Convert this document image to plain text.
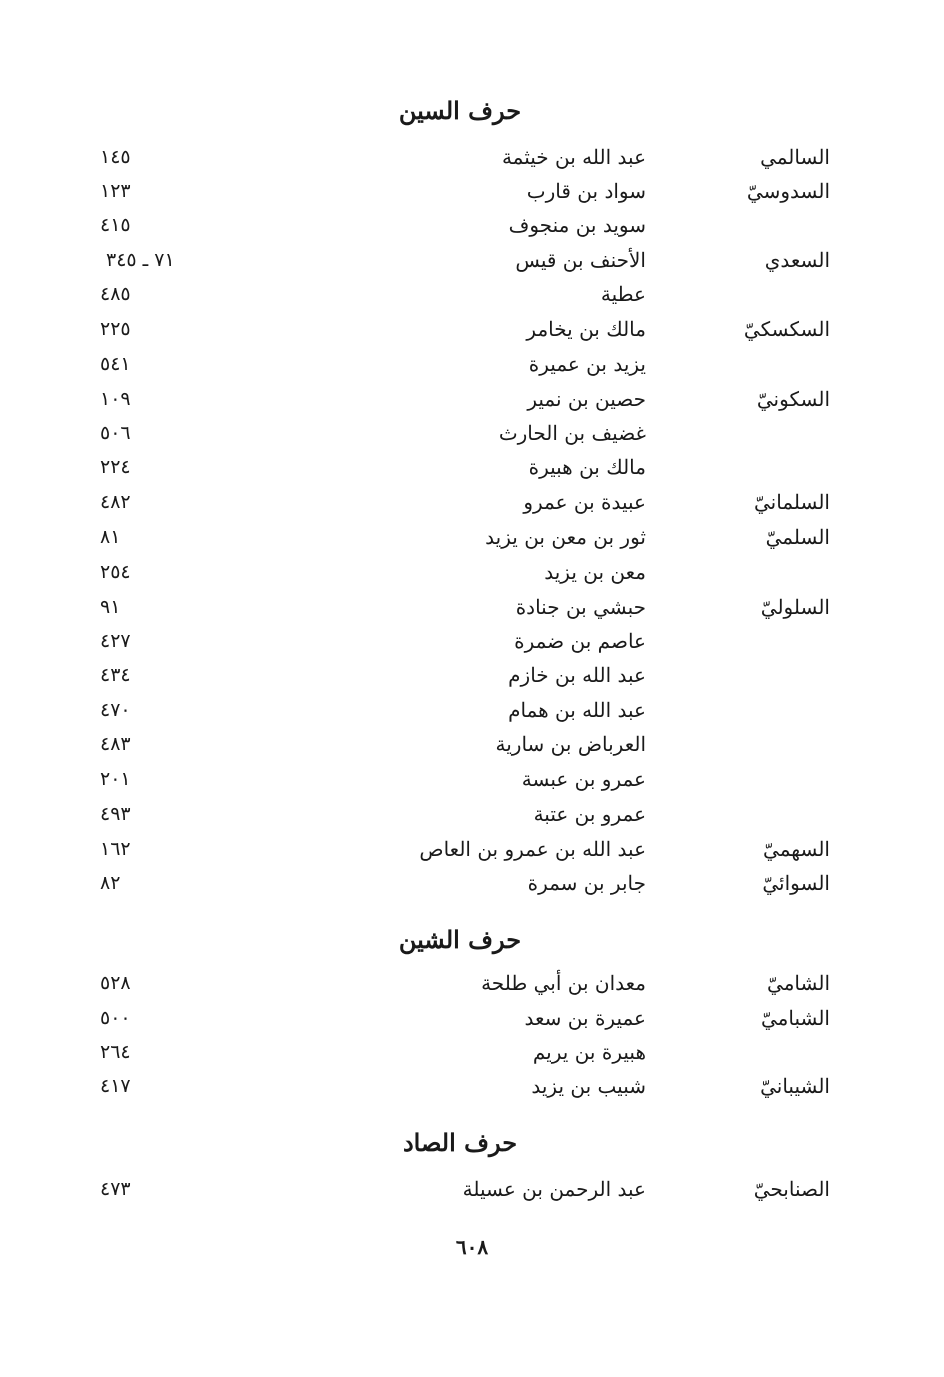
حرف السين
السالمي
عبد الله بن خيثمة
١٤٥
السدوسيّ
سواد بن قارب
١٢٣
سويد بن منجوف
٤١٥
السعدي
الأحنف بن قيس
٧١ ـ ٣٤٥
عطية
٤٨٥
السكسكيّ
مالك بن يخامر
٢٢٥
يزيد بن عميرة
٥٤١
السكونيّ
حصين بن نمير
١٠٩
غضيف بن الحارث
٥٠٦
مالك بن هبيرة
٢٢٤
السلمانيّ
عبيدة بن عمرو
٤٨٢
السلميّ
ثور بن معن بن يزيد
٨١
معن بن يزيد
٢٥٤
السلوليّ
حبشي بن جنادة
٩١
عاصم بن ضمرة
٤٢٧
عبد الله بن خازم
٤٣٤
عبد الله بن همام
٤٧٠
العرباض بن سارية
٤٨٣
عمرو بن عبسة
٢٠١
عمرو بن عتبة
٤٩٣
السهميّ
عبد الله بن عمرو بن العاص
١٦٢
السوائيّ
جابر بن سمرة
٨٢
حرف الشين
الشاميّ
معدان بن أبي طلحة
٥٢٨
الشباميّ
عميرة بن سعد
٥٠٠
هبيرة بن يريم
٢٦٤
الشيبانيّ
شبيب بن يزيد
٤١٧
حرف الصاد
الصنابحيّ
عبد الرحمن بن عسيلة
٤٧٣
٦٠٨
